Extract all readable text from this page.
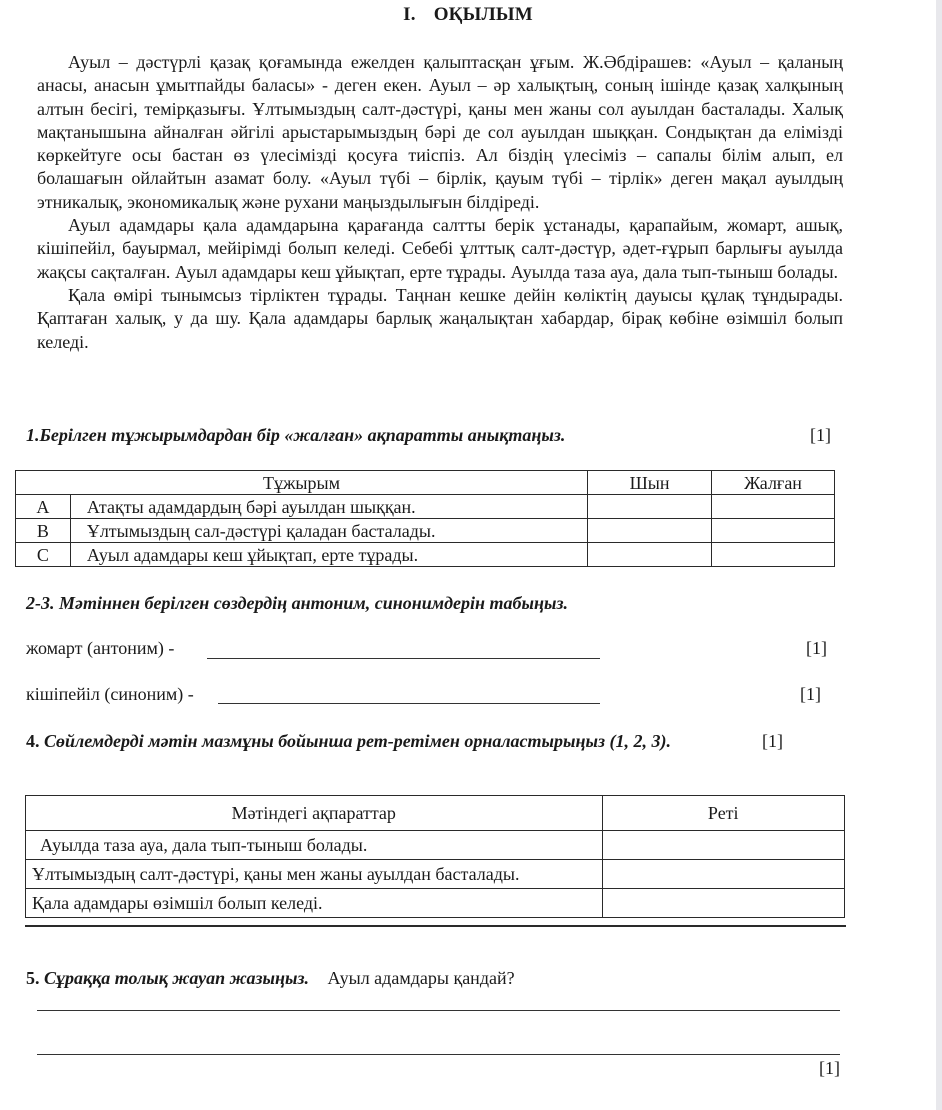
I. ОҚЫЛЫМ

Ауыл – дәстүрлі қазақ қоғамында ежелден қалыптасқан ұғым. Ж.Әбдірашев: «Ауыл – қаланың анасы, анасын ұмытпайды баласы» - деген екен. Ауыл – әр халықтың, соның ішінде қазақ халқының алтын бесігі, темірқазығы. Ұлтымыздың салт-дәстүрі, қаны мен жаны сол ауылдан басталады. Халық мақтанышына айналған әйгілі арыстарымыздың бәрі де сол ауылдан шыққан. Сондықтан да елімізді көркейтуге осы бастан өз үлесімізді қосуға тиіспіз. Ал біздің үлесіміз – сапалы білім алып, ел болашағын ойлайтын азамат болу. «Ауыл түбі – бірлік, қауым түбі – тірлік» деген мақал ауылдың этникалық, экономикалық және рухани маңыздылығын білдіреді.

Ауыл адамдары қала адамдарына қарағанда салтты берік ұстанады, қарапайым, жомарт, ашық, кішіпейіл, бауырмал, мейірімді болып келеді. Себебі ұлттық салт-дәстүр, әдет-ғұрып барлығы ауылда жақсы сақталған. Ауыл адамдары кеш ұйықтап, ерте тұрады. Ауылда таза ауа, дала тып-тыныш болады.

Қала өмірі тынымсыз тірліктен тұрады. Таңнан кешке дейін көліктің дауысы құлақ тұндырады. Қаптаған халық, у да шу. Қала адамдары барлық жаңалықтан хабардар, бірақ көбіне өзімшіл болып келеді.

1.Берілген тұжырымдардан бір «жалған» ақпаратты анықтаңыз.	[1]
Тұжырым		Шын	Жалған
A	Атақты адамдардың бәрі ауылдан шыққан.		
B	Ұлтымыздың сал-дәстүрі қаладан басталады.		
C	Ауыл адамдары кеш ұйықтап, ерте тұрады.		
2-3. Мәтіннен берілген сөздердің антоним, синонимдерін табыңыз.
жомарт (антоним) -	[1]
кішіпейіл (синоним) -	[1]
4. Сөйлемдерді мәтін мазмұны бойынша рет-ретімен орналастырыңыз (1, 2, 3).	[1]
Мәтіндегі ақпараттар	Реті
Ауылда таза ауа, дала тып-тыныш болады.	
Ұлтымыздың салт-дәстүрі, қаны мен жаны ауылдан басталады.	
Қала адамдары өзімшіл болып келеді.	
5. Сұраққа толық жауап жазыңыз. Ауыл адамдары қандай?
[1]
